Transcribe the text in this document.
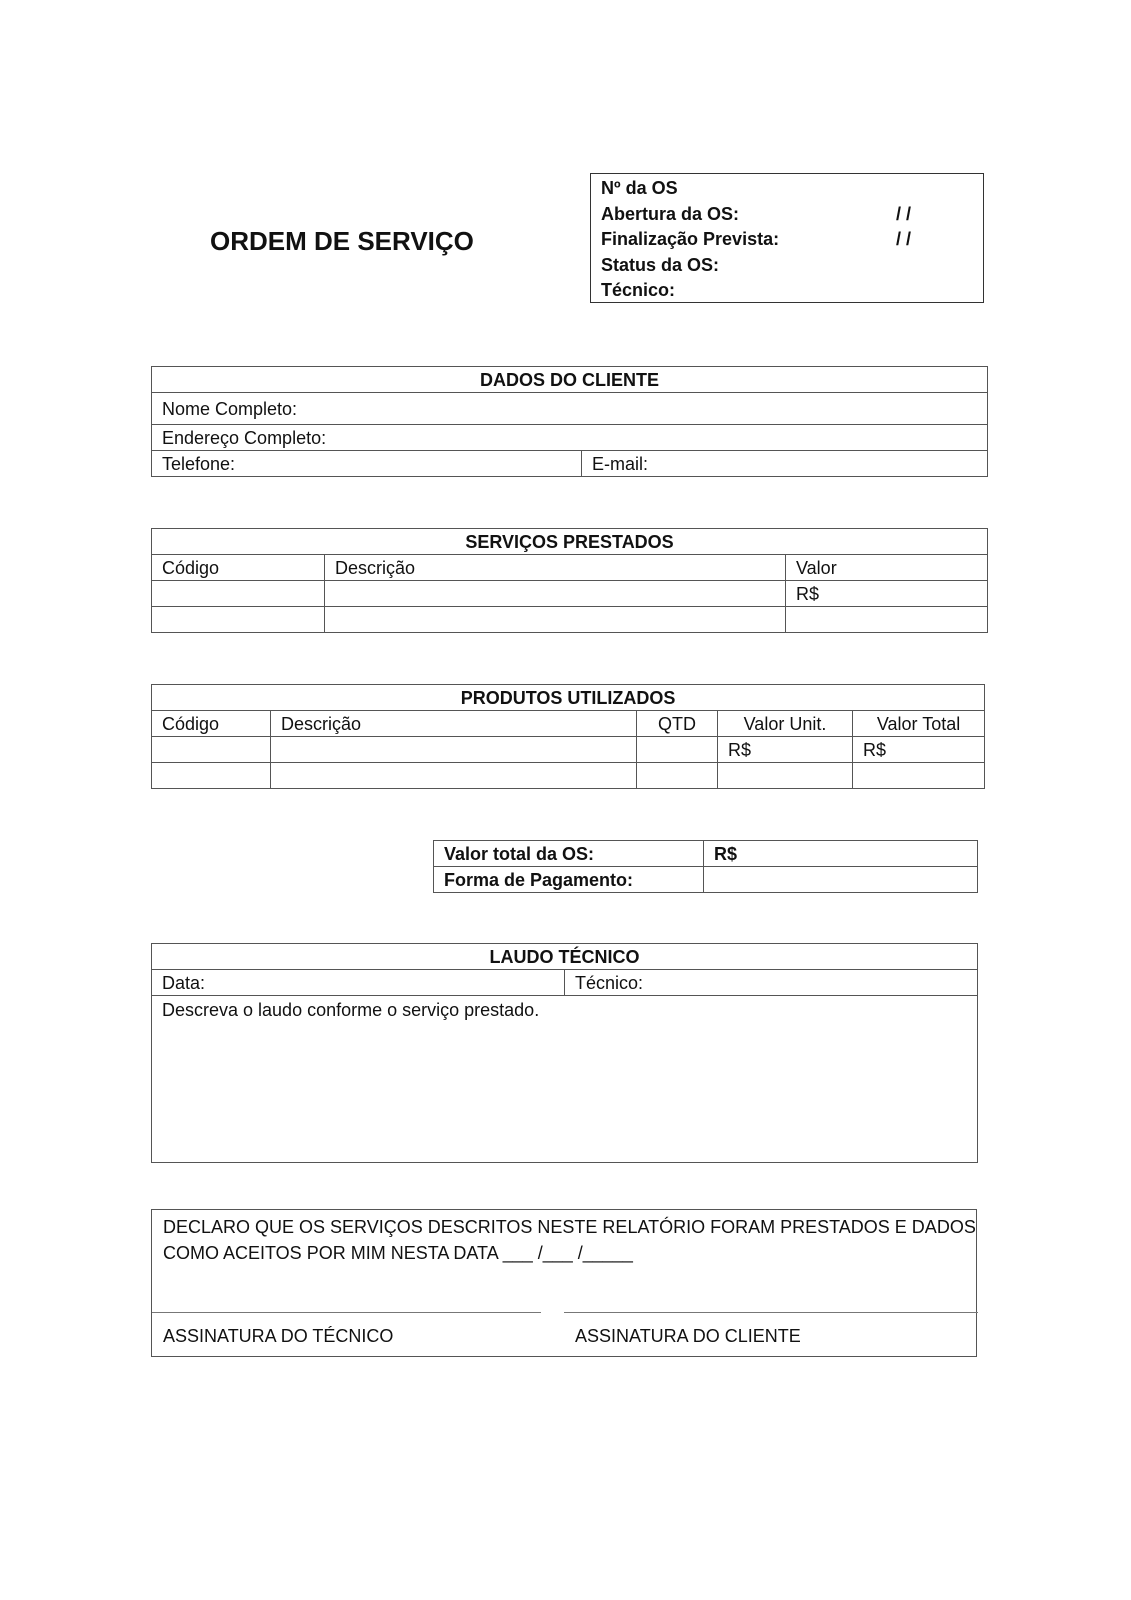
ORDEM DE SERVIÇO
Nº da OS
Abertura da OS:	/ /
Finalização Prevista:	/ /
Status da OS:
Técnico:
DADOS DO CLIENTE
Nome Completo:
Endereço Completo:
Telefone:	E-mail:
SERVIÇOS PRESTADOS		
Código	Descrição	Valor
		R$

PRODUTOS UTILIZADOS				
Código	Descrição	QTD	Valor Unit.	Valor Total
			R$	R$

Valor total da OS:	R$
Forma de Pagamento:	
LAUDO TÉCNICO
Data:	Técnico:
Descreva o laudo conforme o serviço prestado.
DECLARO QUE OS SERVIÇOS DESCRITOS NESTE RELATÓRIO FORAM PRESTADOS E DADOS
COMO ACEITOS POR MIM NESTA DATA ___ /___ /_____
ASSINATURA DO TÉCNICO	ASSINATURA DO CLIENTE
